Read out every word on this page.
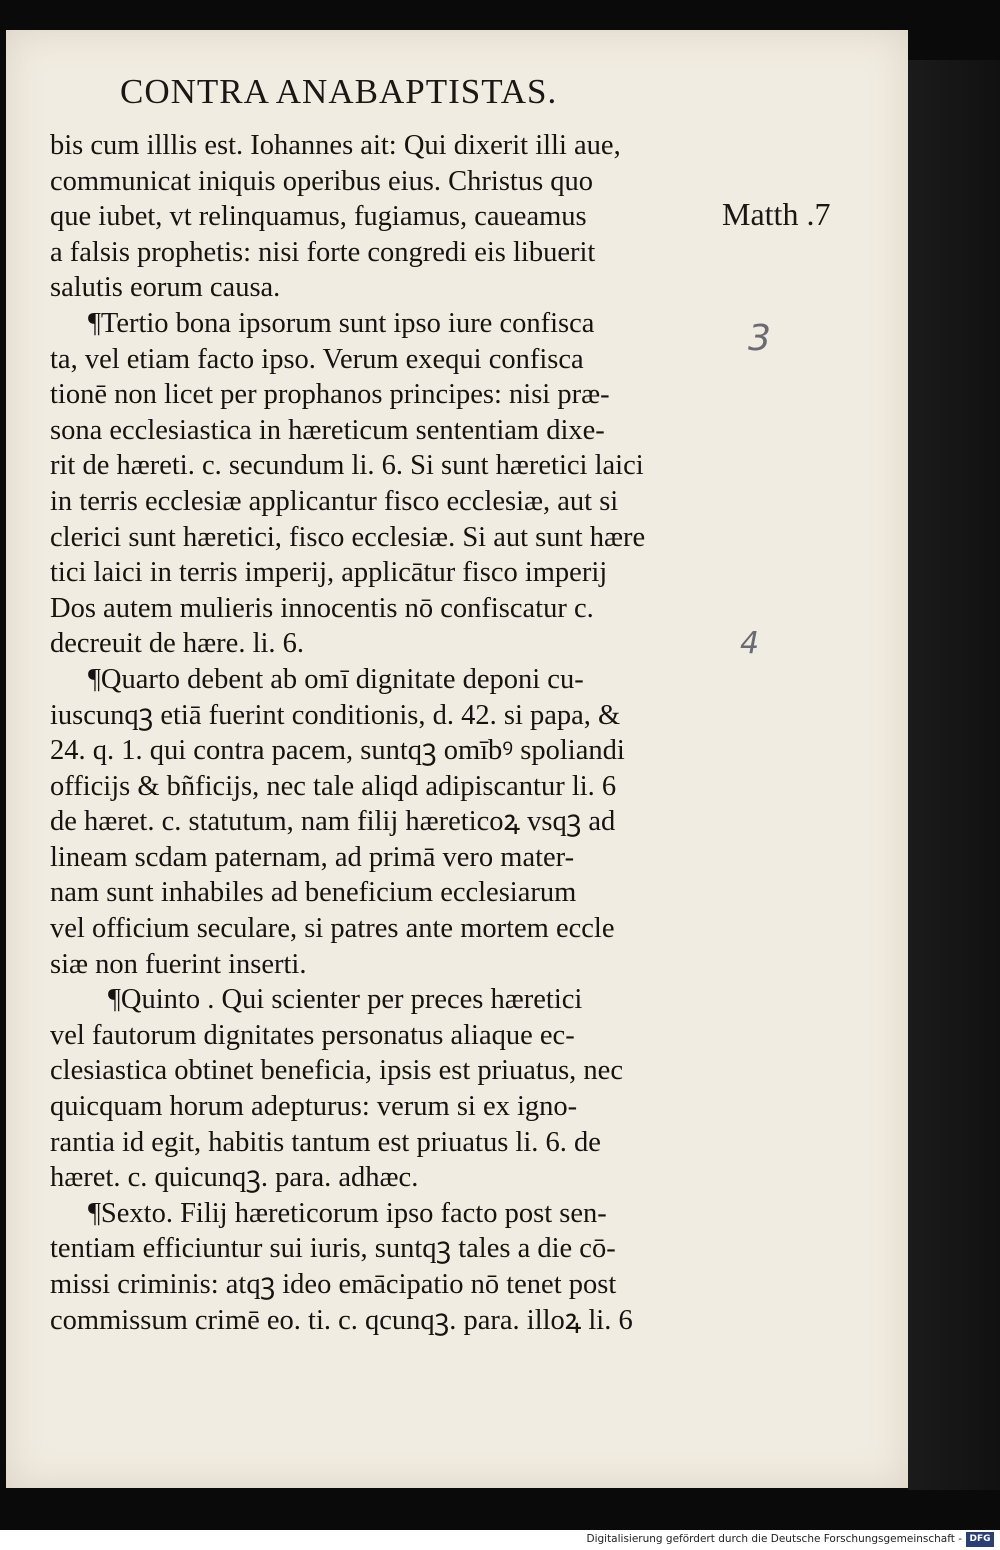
CONTRA ANABAPTISTAS.
bis cum illlis est. Iohannes ait: Qui dixerit illi aue,
communicat iniquis operibus eius. Christus quo
que iubet, vt relinquamus, fugiamus, caueamus
a falsis prophetis: nisi forte congredi eis libuerit
salutis eorum causa.
¶Tertio bona ipsorum sunt ipso iure confisca
ta, vel etiam facto ipso. Verum exequi confisca
tionē non licet per prophanos principes: nisi præ-
sona ecclesiastica in hæreticum sententiam dixe-
rit de hæreti. c. secundum li. 6. Si sunt hæretici laici
in terris ecclesiæ applicantur fisco ecclesiæ, aut si
clerici sunt hæretici, fisco ecclesiæ. Si aut sunt hære
tici laici in terris imperij, applicātur fisco imperij
Dos autem mulieris innocentis nō confiscatur c.
decreuit de hære. li. 6.
¶Quarto debent ab omī dignitate deponi cu-
iuscunqꝫ etiā fuerint conditionis, d. 42. si papa, &
24. q. 1. qui contra pacem, suntqꝫ omībꝰ spoliandi
officijs & bñficijs, nec tale aliqd adipiscantur li. 6
de hæret. c. statutum, nam filij hæreticoꝝ vsqꝫ ad
lineam scdam paternam, ad primā vero mater-
nam sunt inhabiles ad beneficium ecclesiarum
vel officium seculare, si patres ante mortem eccle
siæ non fuerint inserti.
¶Quinto . Qui scienter per preces hæretici
vel fautorum dignitates personatus aliaque ec-
clesiastica obtinet beneficia, ipsis est priuatus, nec
quicquam horum adepturus: verum si ex igno-
rantia id egit, habitis tantum est priuatus li. 6. de
hæret. c. quicunqꝫ. para. adhæc.
¶Sexto. Filij hæreticorum ipso facto post sen-
tentiam efficiuntur sui iuris, suntqꝫ tales a die cō-
missi criminis: atqꝫ ideo emācipatio nō tenet post
commissum crimē eo. ti. c. qcunqꝫ. para. illoꝝ li. 6
Matth .7
3
4
Digitalisierung gefördert durch die Deutsche Forschungsgemeinschaft - DFG
